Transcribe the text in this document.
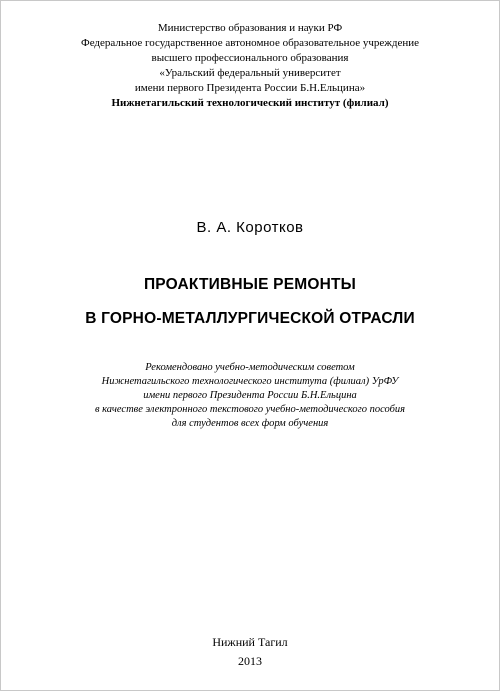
Министерство образования и науки РФ
Федеральное государственное автономное образовательное учреждение
высшего профессионального образования
«Уральский федеральный университет
имени первого Президента России Б.Н.Ельцина»
Нижнетагильский технологический институт (филиал)
В. А. Коротков
ПРОАКТИВНЫЕ РЕМОНТЫ
В ГОРНО-МЕТАЛЛУРГИЧЕСКОЙ ОТРАСЛИ
Рекомендовано учебно-методическим советом
Нижнетагильского технологического института (филиал) УрФУ
имени первого Президента России Б.Н.Ельцина
в качестве электронного текстового учебно-методического пособия
для студентов всех форм обучения
Нижний Тагил
2013
